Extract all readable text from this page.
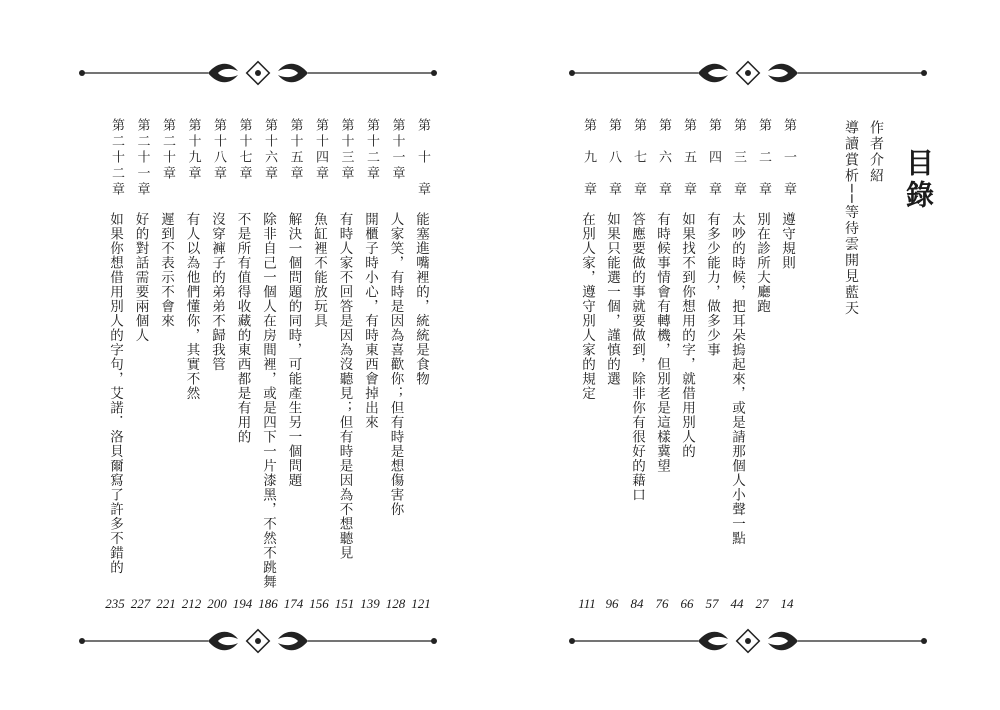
目錄
作者介紹
導讀賞析──等待雲開見藍天
第　一　章
遵守規則
14
第　二　章
別在診所大廳跑
27
第　三　章
太吵的時候，把耳朵摀起來，或是請那個人小聲一點
44
第　四　章
有多少能力，做多少事
57
第　五　章
如果找不到你想用的字，就借用別人的
66
第　六　章
有時候事情會有轉機，但別老是這樣冀望
76
第　七　章
答應要做的事就要做到，除非你有很好的藉口
84
第　八　章
如果只能選一個，謹慎的選
96
第　九　章
在別人家，遵守別人家的規定
111
第　十　章
能塞進嘴裡的，統統是食物
121
第十一章
人家笑，有時是因為喜歡你；但有時是想傷害你
128
第十二章
開櫃子時小心，有時東西會掉出來
139
第十三章
有時人家不回答是因為沒聽見；但有時是因為不想聽見
151
第十四章
魚缸裡不能放玩具
156
第十五章
解決一個問題的同時，可能產生另一個問題
174
第十六章
除非自己一個人在房間裡，或是四下一片漆黑，不然不跳舞
186
第十七章
不是所有值得收藏的東西都是有用的
194
第十八章
沒穿褲子的弟弟不歸我管
200
第十九章
有人以為他們懂你，其實不然
212
第二十章
遲到不表示不會來
221
第二十一章
好的對話需要兩個人
227
第二十二章
如果你想借用別人的字句，艾諾．洛貝爾寫了許多不錯的
235
